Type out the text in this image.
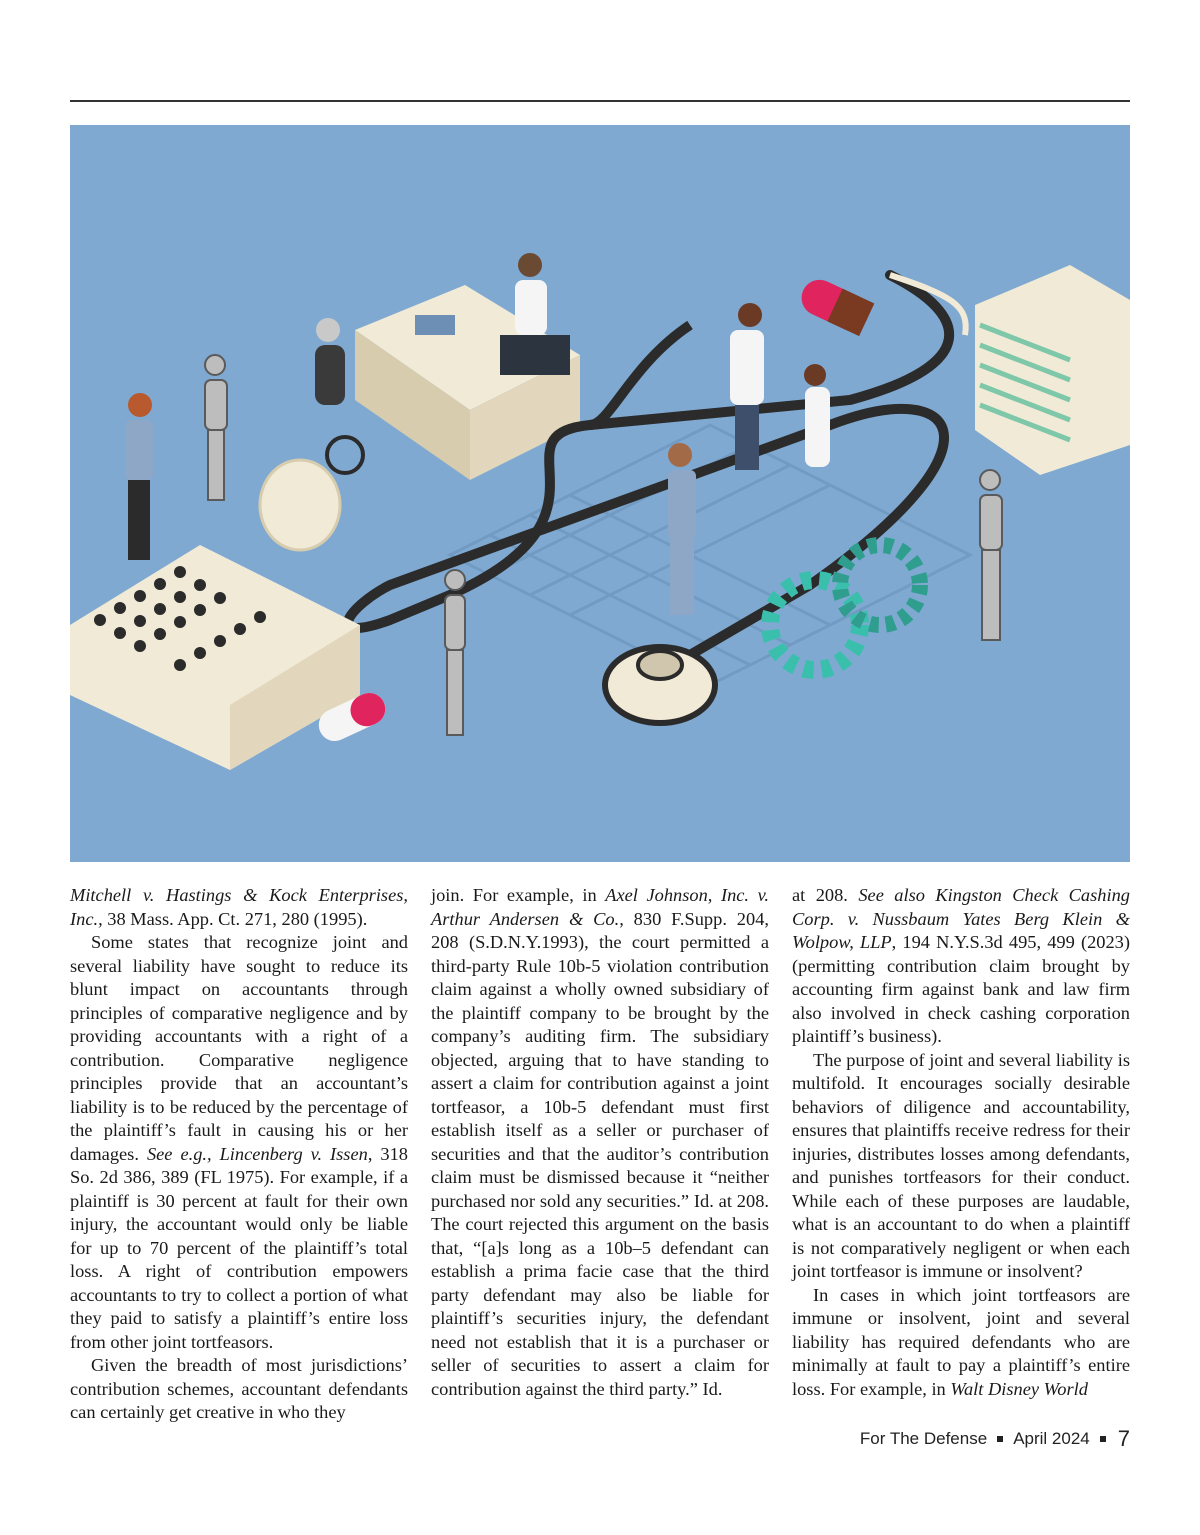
Mitchell v. Hastings & Kock Enterprises, Inc., 38 Mass. App. Ct. 271, 280 (1995).

Some states that recognize joint and several liability have sought to reduce its blunt impact on accountants through principles of comparative negligence and by providing accountants with a right of a contribution. Comparative negligence principles provide that an accountant’s liability is to be reduced by the percentage of the plaintiff’s fault in causing his or her damages. See e.g., Lincenberg v. Issen, 318 So. 2d 386, 389 (FL 1975). For example, if a plaintiff is 30 percent at fault for their own injury, the accountant would only be liable for up to 70 percent of the plaintiff’s total loss. A right of contribution empowers accountants to try to collect a portion of what they paid to satisfy a plaintiff’s entire loss from other joint tortfeasors.

Given the breadth of most jurisdictions’ contribution schemes, accountant defendants can certainly get creative in who they

join. For example, in Axel Johnson, Inc. v. Arthur Andersen & Co., 830 F.Supp. 204, 208 (S.D.N.Y.1993), the court permitted a third-party Rule 10b-5 violation contribution claim against a wholly owned subsidiary of the plaintiff company to be brought by the company’s auditing firm. The subsidiary objected, arguing that to have standing to assert a claim for contribution against a joint tortfeasor, a 10b-5 defendant must first establish itself as a seller or purchaser of securities and that the auditor’s contribution claim must be dismissed because it “neither purchased nor sold any securities.” Id. at 208. The court rejected this argument on the basis that, “[a]s long as a 10b–5 defendant can establish a prima facie case that the third party defendant may also be liable for plaintiff’s securities injury, the defendant need not establish that it is a purchaser or seller of securities to assert a claim for contribution against the third party.” Id.

at 208. See also Kingston Check Cashing Corp. v. Nussbaum Yates Berg Klein & Wolpow, LLP, 194 N.Y.S.3d 495, 499 (2023) (permitting contribution claim brought by accounting firm against bank and law firm also involved in check cashing corporation plaintiff’s business).

The purpose of joint and several liability is multifold. It encourages socially desirable behaviors of diligence and accountability, ensures that plaintiffs receive redress for their injuries, distributes losses among defendants, and punishes tortfeasors for their conduct. While each of these purposes are laudable, what is an accountant to do when a plaintiff is not comparatively negligent or when each joint tortfeasor is immune or insolvent?

In cases in which joint tortfeasors are immune or insolvent, joint and several liability has required defendants who are minimally at fault to pay a plaintiff’s entire loss. For example, in Walt Disney World

For The Defense April 2024 7
